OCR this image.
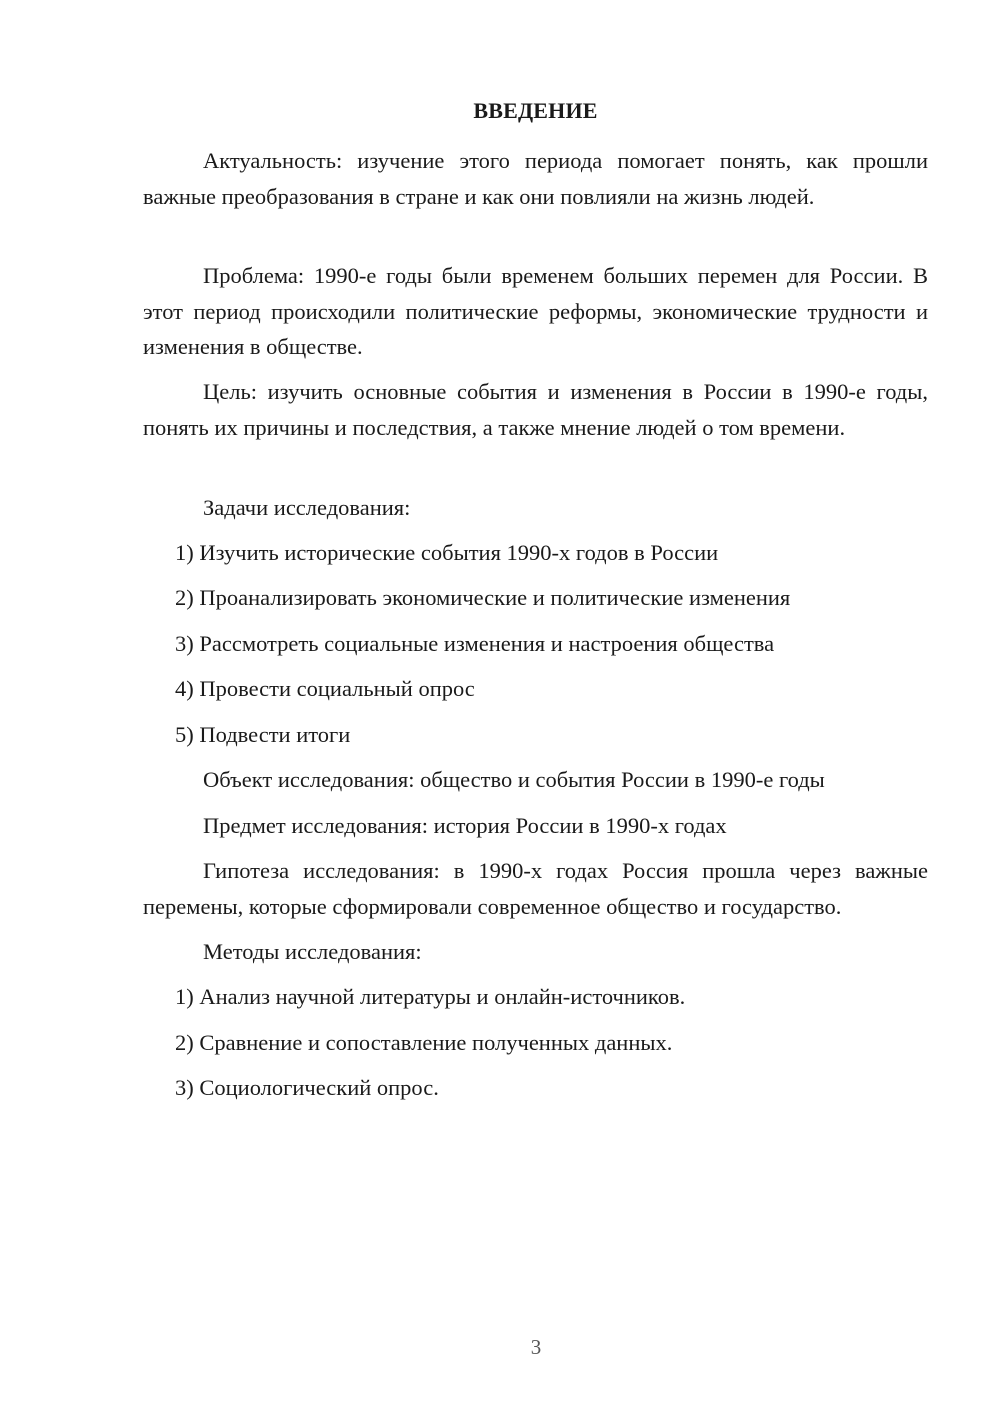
ВВЕДЕНИЕ

Актуальность: изучение этого периода помогает понять, как прошли важные преобразования в стране и как они повлияли на жизнь людей.

Проблема: 1990-е годы были временем больших перемен для России. В этот период происходили политические реформы, экономические трудности и изменения в обществе.

Цель: изучить основные события и изменения в России в 1990-е годы, понять их причины и последствия, а также мнение людей о том времени.

Задачи исследования:

1) Изучить исторические события 1990-х годов в России

2) Проанализировать экономические и политические изменения

3) Рассмотреть социальные изменения и настроения общества

4) Провести социальный опрос

5) Подвести итоги

Объект исследования: общество и события России в 1990-е годы

Предмет исследования: история России в 1990-х годах

Гипотеза исследования: в 1990-х годах Россия прошла через важные перемены, которые сформировали современное общество и государство.

Методы исследования:

1) Анализ научной литературы и онлайн-источников.

2) Сравнение и сопоставление полученных данных.

3) Социологический опрос.

3
